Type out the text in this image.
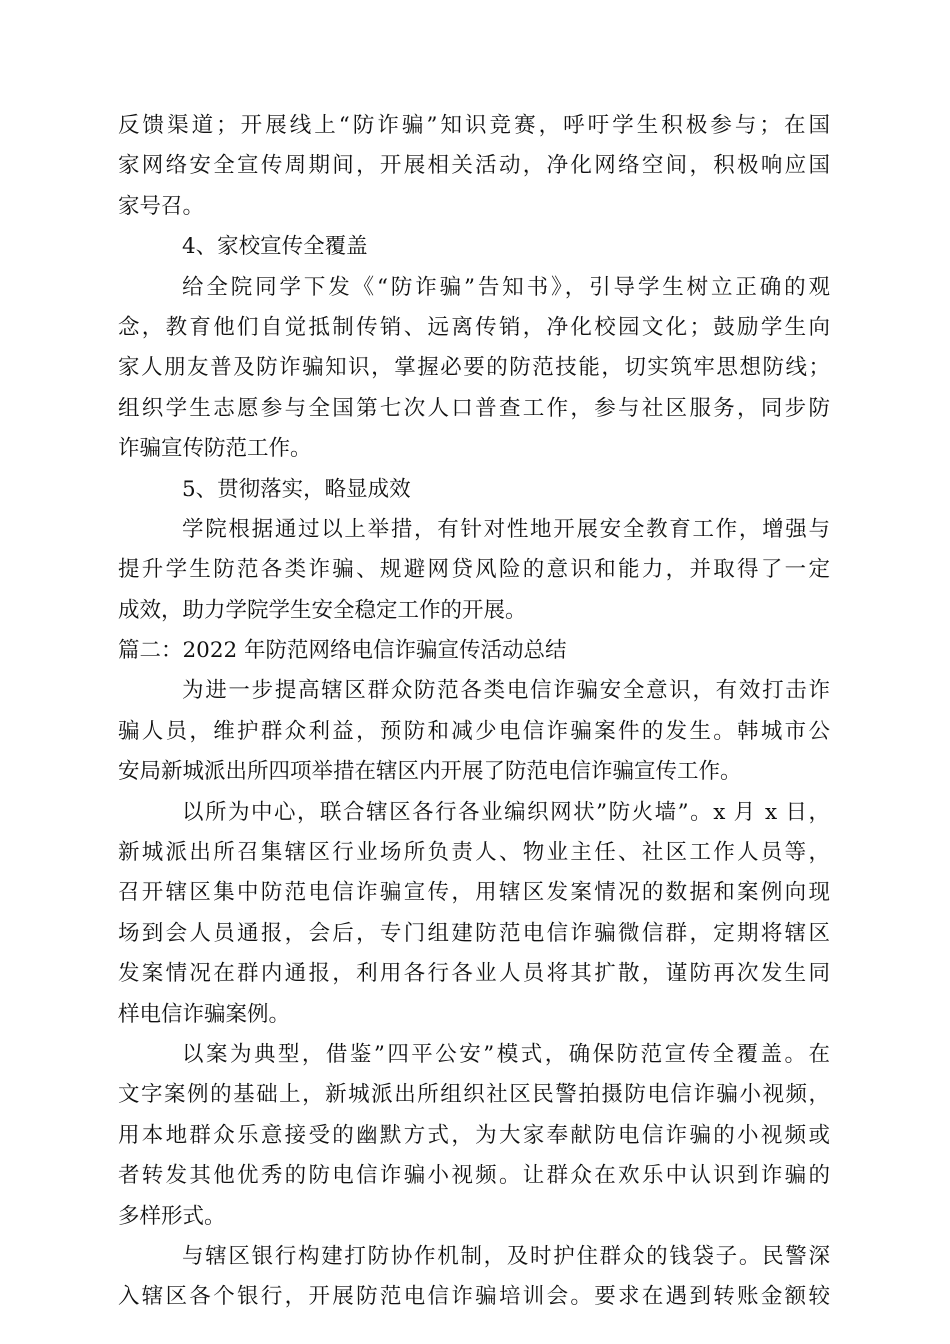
反馈渠道；开展线上“防诈骗”知识竞赛，呼吁学生积极参与；在国
家网络安全宣传周期间，开展相关活动，净化网络空间，积极响应国
家号召。
4、家校宣传全覆盖
给全院同学下发《“防诈骗”告知书》，引导学生树立正确的观
念，教育他们自觉抵制传销、远离传销，净化校园文化；鼓励学生向
家人朋友普及防诈骗知识，掌握必要的防范技能，切实筑牢思想防线；
组织学生志愿参与全国第七次人口普查工作，参与社区服务，同步防
诈骗宣传防范工作。
5、贯彻落实，略显成效
学院根据通过以上举措，有针对性地开展安全教育工作，增强与
提升学生防范各类诈骗、规避网贷风险的意识和能力，并取得了一定
成效，助力学院学生安全稳定工作的开展。
篇二：2022 年防范网络电信诈骗宣传活动总结
为进一步提高辖区群众防范各类电信诈骗安全意识，有效打击诈
骗人员，维护群众利益，预防和减少电信诈骗案件的发生。韩城市公
安局新城派出所四项举措在辖区内开展了防范电信诈骗宣传工作。
以所为中心，联合辖区各行各业编织网状”防火墙”。x 月 x 日，
新城派出所召集辖区行业场所负责人、物业主任、社区工作人员等，
召开辖区集中防范电信诈骗宣传，用辖区发案情况的数据和案例向现
场到会人员通报，会后，专门组建防范电信诈骗微信群，定期将辖区
发案情况在群内通报，利用各行各业人员将其扩散，谨防再次发生同
样电信诈骗案例。
以案为典型，借鉴”四平公安”模式，确保防范宣传全覆盖。在
文字案例的基础上，新城派出所组织社区民警拍摄防电信诈骗小视频，
用本地群众乐意接受的幽默方式，为大家奉献防电信诈骗的小视频或
者转发其他优秀的防电信诈骗小视频。让群众在欢乐中认识到诈骗的
多样形式。
与辖区银行构建打防协作机制，及时护住群众的钱袋子。民警深
入辖区各个银行，开展防范电信诈骗培训会。要求在遇到转账金额较
